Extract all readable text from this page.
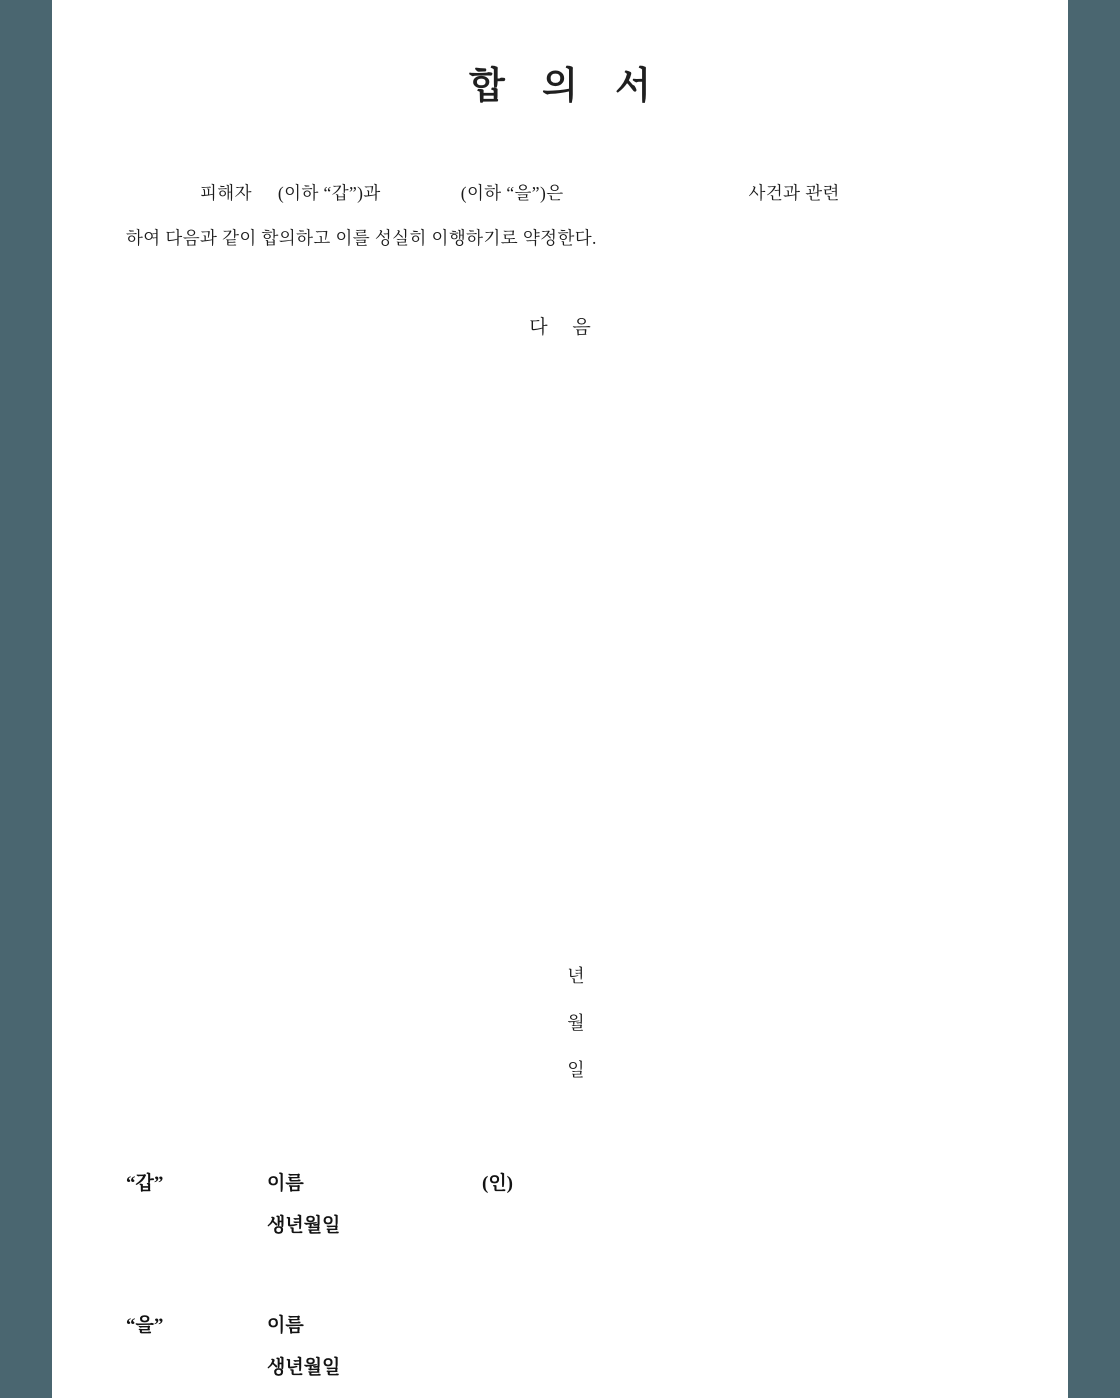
합 의 서
피해자 (이하 “갑”)과	(이하 “을”)은	사건과 관련
하여 다음과 같이 합의하고 이를 성실히 이행하기로 약정한다.
다 음

년

월

일

“갑”	이름	(인)
생년월일
“을”	이름
생년월일
